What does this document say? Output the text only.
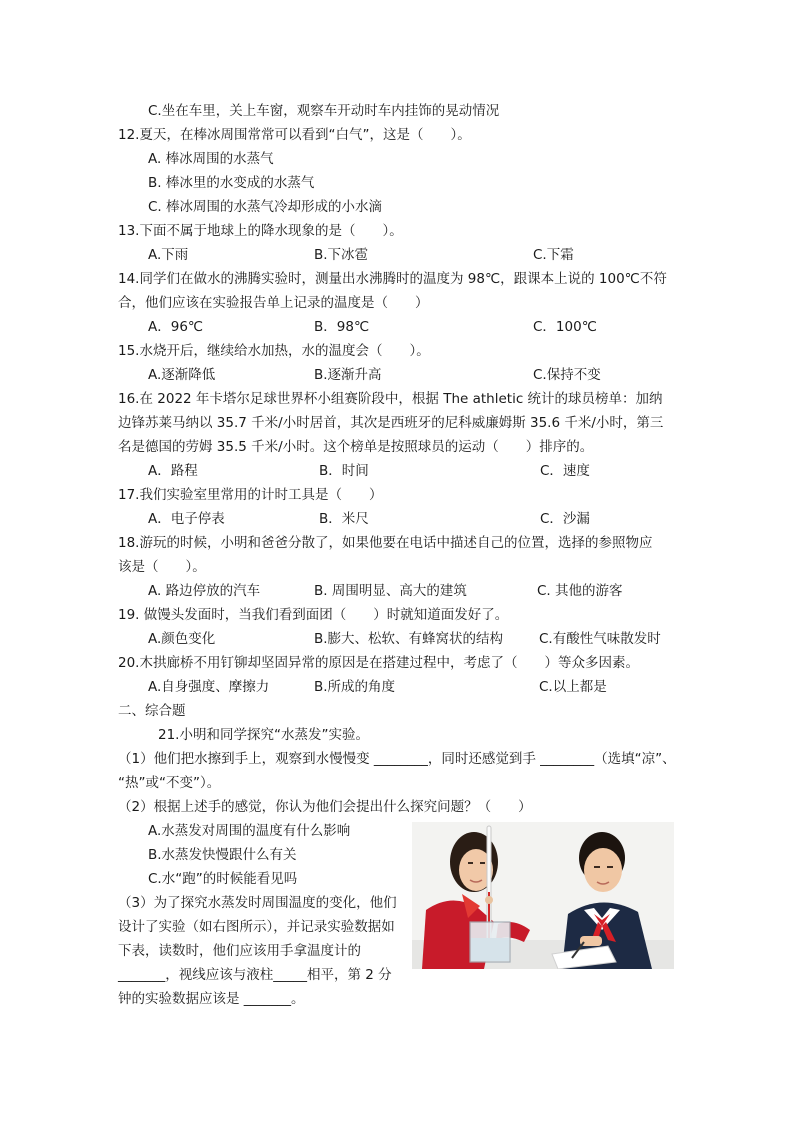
C.坐在车里，关上车窗，观察车开动时车内挂饰的晃动情况
12.夏天，在棒冰周围常常可以看到“白气”，这是（　　）。
A. 棒冰周围的水蒸气
B. 棒冰里的水变成的水蒸气
C. 棒冰周围的水蒸气冷却形成的小水滴
13.下面不属于地球上的降水现象的是（　　）。
A.下雨	B.下冰雹	C.下霜
14.同学们在做水的沸腾实验时，测量出水沸腾时的温度为 98℃，跟课本上说的 100℃不符
合，他们应该在实验报告单上记录的温度是（　　）
A．96℃	B．98℃	C．100℃
15.水烧开后，继续给水加热，水的温度会（　　）。
A.逐渐降低	B.逐渐升高	C.保持不变
16.在 2022 年卡塔尔足球世界杯小组赛阶段中，根据 The athletic 统计的球员榜单：加纳
边锋苏莱马纳以 35.7 千米/小时居首，其次是西班牙的尼科威廉姆斯 35.6 千米/小时，第三
名是德国的劳姆 35.5 千米/小时。这个榜单是按照球员的运动（　　）排序的。
A．路程	B．时间	C．速度
17.我们实验室里常用的计时工具是（　　）
A．电子停表	B．米尺	C．沙漏
18.游玩的时候，小明和爸爸分散了，如果他要在电话中描述自己的位置，选择的参照物应
该是（　　）。
A. 路边停放的汽车	B. 周围明显、高大的建筑	C. 其他的游客
19. 做馒头发面时，当我们看到面团（　　）时就知道面发好了。
A.颜色变化	B.膨大、松软、有蜂窝状的结构	C.有酸性气味散发时
20.木拱廊桥不用钉铆却坚固异常的原因是在搭建过程中，考虑了（　　）等众多因素。
A.自身强度、摩擦力	B.所成的角度	C.以上都是
二、综合题
21.小明和同学探究“水蒸发”实验。
（1）他们把水擦到手上，观察到水慢慢变 ________，同时还感觉到手 ________（选填“凉”、
“热”或“不变”）。
（2）根据上述手的感觉，你认为他们会提出什么探究问题？（　　）
A.水蒸发对周围的温度有什么影响
B.水蒸发快慢跟什么有关
C.水“跑”的时候能看见吗
（3）为了探究水蒸发时周围温度的变化，他们
设计了实验（如右图所示），并记录实验数据如
下表，读数时，他们应该用手拿温度计的
_______，视线应该与液柱_____相平，第 2 分
钟的实验数据应该是 _______。
